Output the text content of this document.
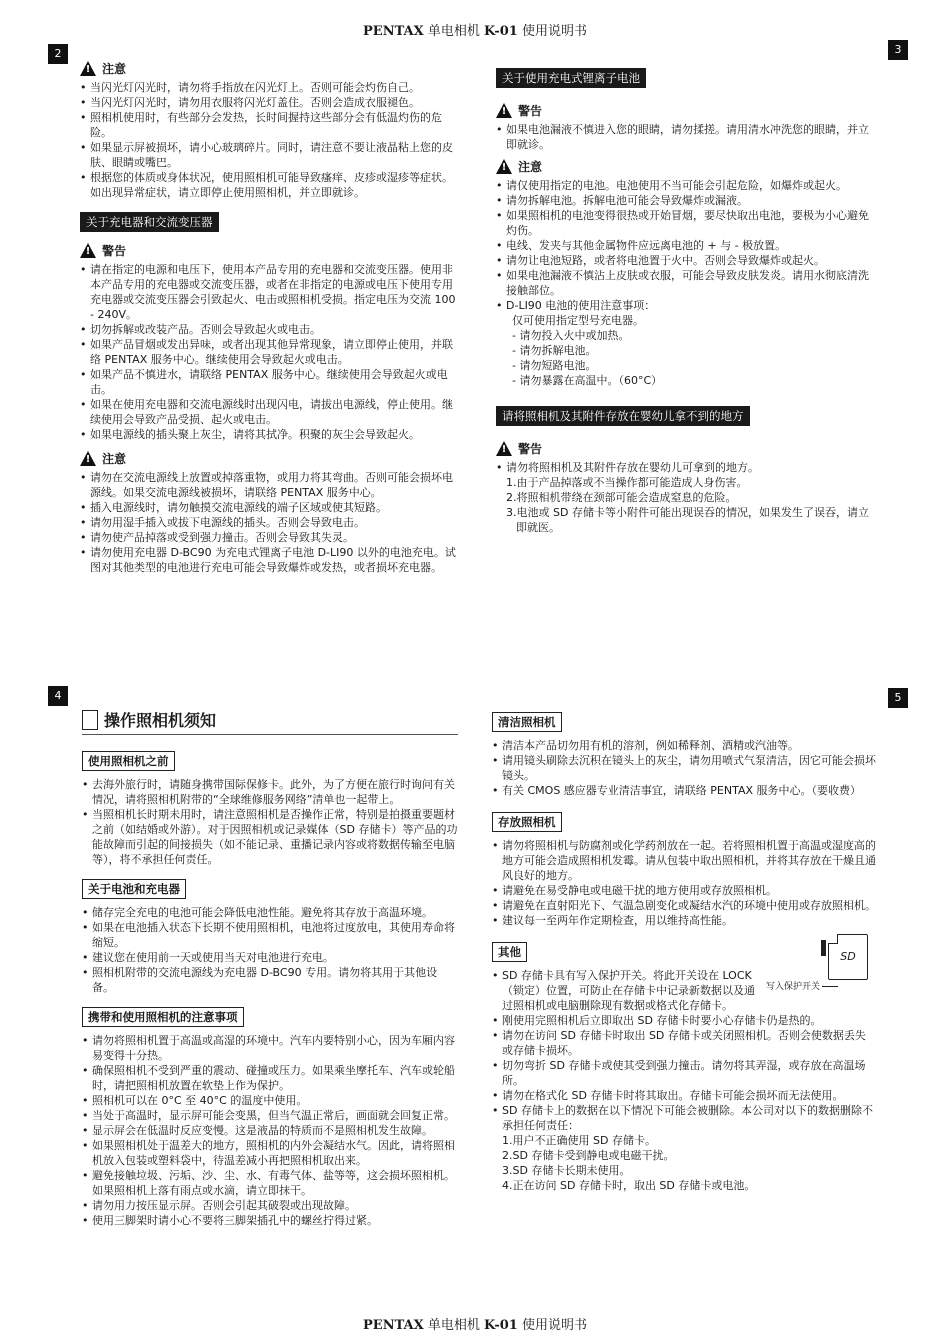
PENTAX 单电相机 K-01 使用说明书
2
!
注意
• 当闪光灯闪光时，请勿将手指放在闪光灯上。否则可能会灼伤自己。
• 当闪光灯闪光时，请勿用衣服将闪光灯盖住。否则会造成衣服褪色。
• 照相机使用时，有些部分会发热，长时间握持这些部分会有低温灼伤的危险。
• 如果显示屏被损坏，请小心玻璃碎片。同时，请注意不要让液晶粘上您的皮肤、眼睛或嘴巴。
• 根据您的体质或身体状况，使用照相机可能导致瘙痒、皮疹或湿疹等症状。如出现异常症状，请立即停止使用照相机，并立即就诊。
关于充电器和交流变压器
!
警告
• 请在指定的电源和电压下，使用本产品专用的充电器和交流变压器。使用非本产品专用的充电器或交流变压器，或者在非指定的电源或电压下使用专用充电器或交流变压器会引致起火、电击或照相机受损。指定电压为交流 100 - 240V。
• 切勿拆解或改装产品。否则会导致起火或电击。
• 如果产品冒烟或发出异味，或者出现其他异常现象，请立即停止使用，并联络 PENTAX 服务中心。继续使用会导致起火或电击。
• 如果产品不慎进水，请联络 PENTAX 服务中心。继续使用会导致起火或电击。
• 如果在使用充电器和交流电源线时出现闪电，请拔出电源线，停止使用。继续使用会导致产品受损、起火或电击。
• 如果电源线的插头聚上灰尘，请将其拭净。积聚的灰尘会导致起火。
!
注意
• 请勿在交流电源线上放置或掉落重物，或用力将其弯曲。否则可能会损坏电源线。如果交流电源线被损坏，请联络 PENTAX 服务中心。
• 插入电源线时，请勿触摸交流电源线的端子区域或使其短路。
• 请勿用湿手插入或拔下电源线的插头。否则会导致电击。
• 请勿使产品掉落或受到强力撞击。否则会导致其失灵。
• 请勿使用充电器 D-BC90 为充电式锂离子电池 D-LI90 以外的电池充电。试图对其他类型的电池进行充电可能会导致爆炸或发热，或者损坏充电器。
3
关于使用充电式锂离子电池
!
警告
• 如果电池漏液不慎进入您的眼睛，请勿揉搓。请用清水冲洗您的眼睛，并立即就诊。
!
注意
• 请仅使用指定的电池。电池使用不当可能会引起危险，如爆炸或起火。
• 请勿拆解电池。拆解电池可能会导致爆炸或漏液。
• 如果照相机的电池变得很热或开始冒烟，要尽快取出电池，要极为小心避免灼伤。
• 电线、发夹与其他金属物件应远离电池的 + 与 - 极放置。
• 请勿让电池短路，或者将电池置于火中。否则会导致爆炸或起火。
• 如果电池漏液不慎沾上皮肤或衣服，可能会导致皮肤发炎。请用水彻底清洗接触部位。
• D-LI90 电池的使用注意事项：
仅可使用指定型号充电器。
- 请勿投入火中或加热。
- 请勿拆解电池。
- 请勿短路电池。
- 请勿暴露在高温中。（60°C）
请将照相机及其附件存放在婴幼儿拿不到的地方
!
警告
• 请勿将照相机及其附件存放在婴幼儿可拿到的地方。
1.由于产品掉落或不当操作都可能造成人身伤害。
2.将照相机带绕在颈部可能会造成窒息的危险。
3.电池或 SD 存储卡等小附件可能出现误吞的情况，如果发生了误吞，请立即就医。
4
操作照相机须知
使用照相机之前
• 去海外旅行时，请随身携带国际保修卡。此外，为了方便在旅行时询问有关情况，请将照相机附带的“全球维修服务网络”清单也一起带上。
• 当照相机长时期未用时，请注意照相机是否操作正常，特别是拍摄重要题材之前（如结婚或外游）。对于因照相机或记录媒体（SD 存储卡）等产品的功能故障而引起的间接损失（如不能记录、重播记录内容或将数据传输至电脑等），将不承担任何责任。
关于电池和充电器
• 储存完全充电的电池可能会降低电池性能。避免将其存放于高温环境。
• 如果在电池插入状态下长期不使用照相机，电池将过度放电，其使用寿命将缩短。
• 建议您在使用前一天或使用当天对电池进行充电。
• 照相机附带的交流电源线为充电器 D-BC90 专用。请勿将其用于其他设备。
携带和使用照相机的注意事项
• 请勿将照相机置于高温或高湿的环境中。汽车内要特别小心，因为车厢内容易变得十分热。
• 确保照相机不受到严重的震动、碰撞或压力。如果乘坐摩托车、汽车或轮船时，请把照相机放置在软垫上作为保护。
• 照相机可以在 0°C 至 40°C 的温度中使用。
• 当处于高温时，显示屏可能会变黑，但当气温正常后，画面就会回复正常。
• 显示屏会在低温时反应变慢。这是液晶的特质而不是照相机发生故障。
• 如果照相机处于温差大的地方，照相机的内外会凝结水气。因此，请将照相机放入包装或塑料袋中，待温差减小再把照相机取出来。
• 避免接触垃圾、污垢、沙、尘、水、有毒气体、盐等等，这会损坏照相机。如果照相机上落有雨点或水滴，请立即抹干。
• 请勿用力按压显示屏。否则会引起其破裂或出现故障。
• 使用三脚架时请小心不要将三脚架插孔中的螺丝拧得过紧。
5
清洁照相机
• 清洁本产品切勿用有机的溶剂，例如稀释剂、酒精或汽油等。
• 请用镜头刷除去沉积在镜头上的灰尘，请勿用喷式气泵清洁，因它可能会损坏镜头。
• 有关 CMOS 感应器专业清洁事宜，请联络 PENTAX 服务中心。（要收费）
存放照相机
• 请勿将照相机与防腐剂或化学药剂放在一起。若将照相机置于高温或湿度高的地方可能会造成照相机发霉。请从包装中取出照相机，并将其存放在干燥且通风良好的地方。
• 请避免在易受静电或电磁干扰的地方使用或存放照相机。
• 请避免在直射阳光下、气温急剧变化或凝结水汽的环境中使用或存放照相机。
• 建议每一至两年作定期检查，用以维持高性能。
其他	SD
写入保护开关
• SD 存储卡具有写入保护开关。将此开关设在 LOCK（锁定）位置，可防止在存储卡中记录新数据以及通过照相机或电脑删除现有数据或格式化存储卡。
• 刚使用完照相机后立即取出 SD 存储卡时要小心存储卡仍是热的。
• 请勿在访问 SD 存储卡时取出 SD 存储卡或关闭照相机。否则会使数据丢失或存储卡损坏。
• 切勿弯折 SD 存储卡或使其受到强力撞击。请勿将其弄湿，或存放在高温场所。
• 请勿在格式化 SD 存储卡时将其取出。存储卡可能会损坏而无法使用。
• SD 存储卡上的数据在以下情况下可能会被删除。本公司对以下的数据删除不承担任何责任：
1.用户不正确使用 SD 存储卡。
2.SD 存储卡受到静电或电磁干扰。
3.SD 存储卡长期未使用。
4.正在访问 SD 存储卡时，取出 SD 存储卡或电池。
PENTAX 单电相机 K-01 使用说明书
